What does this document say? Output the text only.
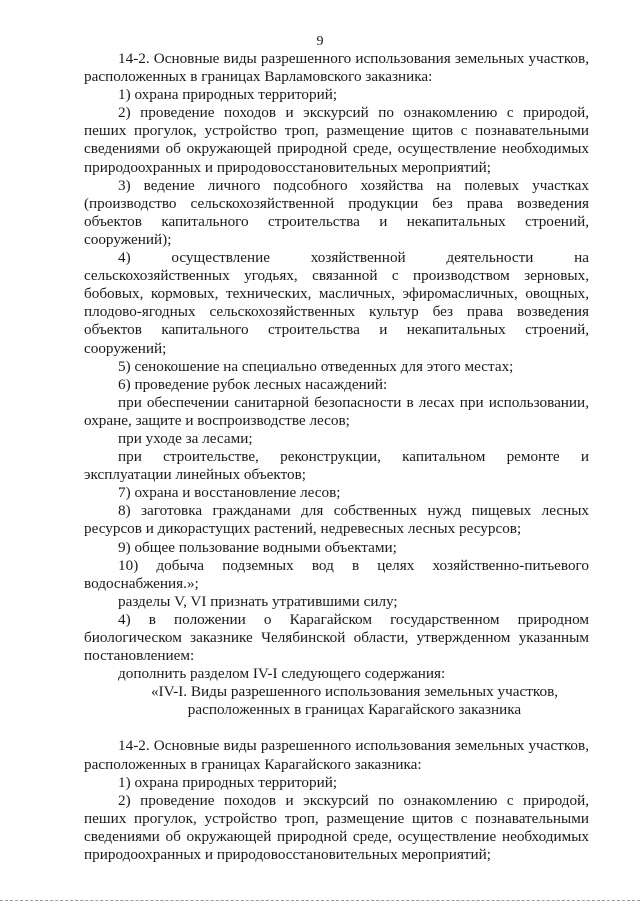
9

14-2. Основные виды разрешенного использования земельных участков, расположенных в границах Варламовского заказника:

1) охрана природных территорий;

2) проведение походов и экскурсий по ознакомлению с природой, пеших прогулок, устройство троп, размещение щитов с познавательными сведениями об окружающей природной среде, осуществление необходимых природоохранных и природовосстановительных мероприятий;

3) ведение личного подсобного хозяйства на полевых участках (производство сельскохозяйственной продукции без права возведения объектов капитального строительства и некапитальных строений, сооружений);

4) осуществление хозяйственной деятельности на сельскохозяйственных угодьях, связанной с производством зерновых, бобовых, кормовых, технических, масличных, эфиромасличных, овощных, плодово-ягодных сельскохозяйственных культур без права возведения объектов капитального строительства и некапитальных строений, сооружений;

5) сенокошение на специально отведенных для этого местах;

6) проведение рубок лесных насаждений:

при обеспечении санитарной безопасности в лесах при использовании, охране, защите и воспроизводстве лесов;

при уходе за лесами;

при строительстве, реконструкции, капитальном ремонте и эксплуатации линейных объектов;

7) охрана и восстановление лесов;

8) заготовка гражданами для собственных нужд пищевых лесных ресурсов и дикорастущих растений, недревесных лесных ресурсов;

9) общее пользование водными объектами;

10) добыча подземных вод в целях хозяйственно-питьевого водоснабжения.»;

разделы V, VI признать утратившими силу;

4) в положении о Карагайском государственном природном биологическом заказнике Челябинской области, утвержденном указанным постановлением:

дополнить разделом IV-I следующего содержания:

«IV-I. Виды разрешенного использования земельных участков,

расположенных в границах Карагайского заказника

14-2. Основные виды разрешенного использования земельных участков, расположенных в границах Карагайского заказника:

1) охрана природных территорий;

2) проведение походов и экскурсий по ознакомлению с природой, пеших прогулок, устройство троп, размещение щитов с познавательными сведениями об окружающей природной среде, осуществление необходимых природоохранных и природовосстановительных мероприятий;
